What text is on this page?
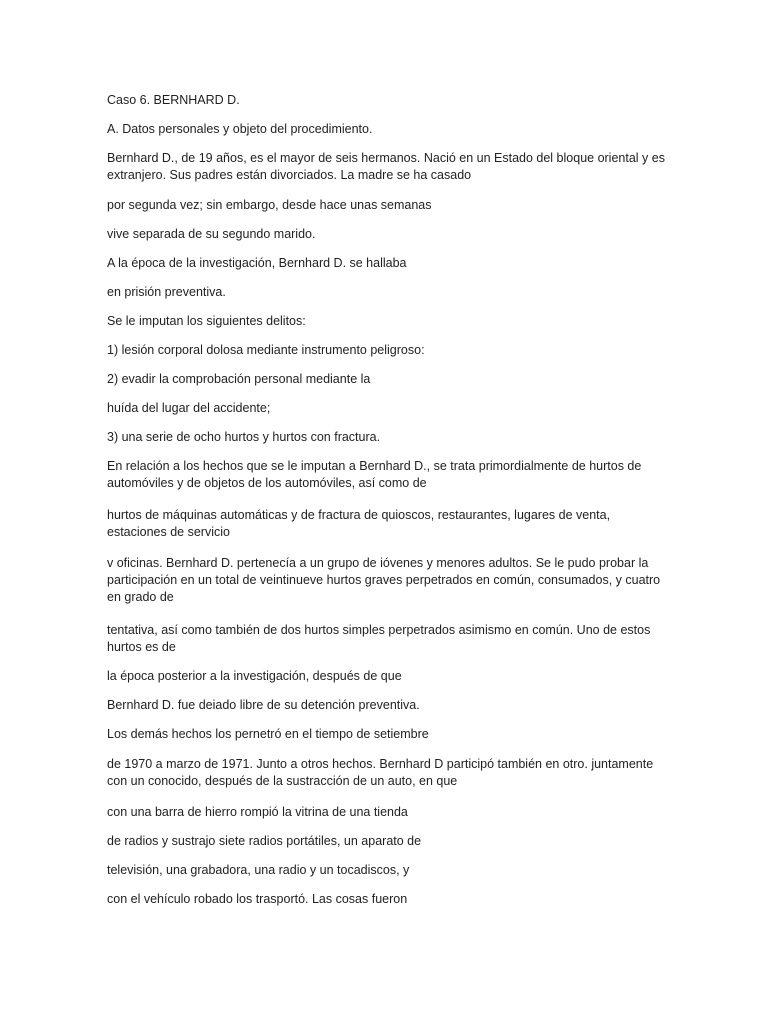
Caso 6. BERNHARD D.

A. Datos personales y objeto del procedimiento.

Bernhard D., de 19 años, es el mayor de seis hermanos. Nació en un Estado del bloque oriental y es extranjero. Sus padres están divorciados. La madre se ha casado

por segunda vez; sin embargo, desde hace unas semanas

vive separada de su segundo marido.

A la época de la investigación, Bernhard D. se hallaba

en prisión preventiva.

Se le imputan los siguientes delitos:

1) lesión corporal dolosa mediante instrumento peligroso:

2) evadir la comprobación personal mediante la

huída del lugar del accidente;

3) una serie de ocho hurtos y hurtos con fractura.

En relación a los hechos que se le imputan a Bernhard D., se trata primordialmente de hurtos de automóviles y de objetos de los automóviles, así como de

hurtos de máquinas automáticas y de fractura de quioscos, restaurantes, lugares de venta, estaciones de servicio

v oficinas. Bernhard D. pertenecía a un grupo de ióvenes y menores adultos. Se le pudo probar la participación en un total de veintinueve hurtos graves perpetrados en común, consumados, y cuatro en grado de

tentativa, así como también de dos hurtos simples perpetrados asimismo en común. Uno de estos hurtos es de

la época posterior a la investigación, después de que

Bernhard D. fue deiado libre de su detención preventiva.

Los demás hechos los pernetró en el tiempo de setiembre

de 1970 a marzo de 1971. Junto a otros hechos. Bernhard D participó también en otro. juntamente con un conocido, después de la sustracción de un auto, en que

con una barra de hierro rompió la vitrina de una tienda

de radios y sustrajo siete radios portátiles, un aparato de

televisión, una grabadora, una radio y un tocadiscos, y

con el vehículo robado los trasportó. Las cosas fueron
